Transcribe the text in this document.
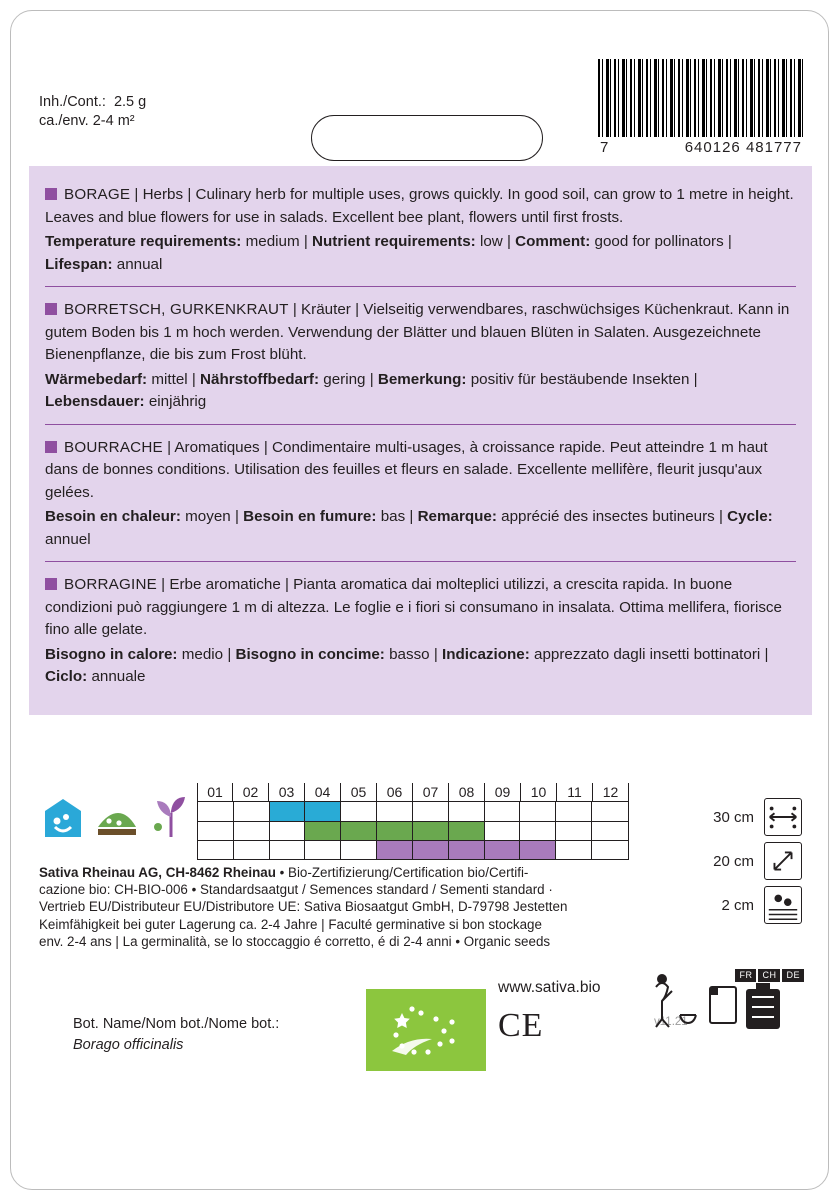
Inh./Cont.:  2.5 g
ca./env. 2-4 m²
7	640126 481777

BORAGE | Herbs | Culinary herb for multiple uses, grows quickly. In good soil, can grow to 1 metre in height. Leaves and blue flowers for use in salads. Excellent bee plant, flowers until first frosts.

Temperature requirements: medium | Nutrient requirements: low | Comment: good for pollinators | Lifespan: annual

BORRETSCH, GURKENKRAUT | Kräuter | Vielseitig verwendbares, raschwüchsiges Küchenkraut. Kann in gutem Boden bis 1 m hoch werden. Verwendung der Blätter und blauen Blüten in Salaten. Ausgezeichnete Bienenpflanze, die bis zum Frost blüht.

Wärmebedarf: mittel | Nährstoffbedarf: gering | Bemerkung: positiv für bestäubende Insekten | Lebensdauer: einjährig

BOURRACHE | Aromatiques | Condimentaire multi-usages, à croissance rapide. Peut atteindre 1 m haut dans de bonnes conditions. Utilisation des feuilles et fleurs en salade. Excellente mellifère, fleurit jusqu'aux gelées.

Besoin en chaleur: moyen | Besoin en fumure: bas | Remarque: apprécié des insectes butineurs | Cycle: annuel

BORRAGINE | Erbe aromatiche | Pianta aromatica dai molteplici utilizzi, a crescita rapida. In buone condizioni può raggiungere 1 m di altezza. Le foglie e i fiori si consumano in insalata. Ottima mellifera, fiorisce fino alle gelate.

Bisogno in calore: medio | Bisogno in concime: basso | Indicazione: apprezzato dagli insetti bottinatori | Ciclo: annuale

01	02	03	04	05	06	07	08	09	10	11	12
30 cm
20 cm
2 cm
Sativa Rheinau AG, CH-8462 Rheinau • Bio-Zertifizierung/Certification bio/Certifi-
cazione bio: CH-BIO-006 • Standardsaatgut / Semences standard / Sementi standard ·
Vertrieb EU/Distributeur EU/Distributore UE: Sativa Biosaatgut GmbH, D-79798 Jestetten
Keimfähigkeit bei guter Lagerung ca. 2-4 Jahre | Faculté germinative si bon stockage
env. 2-4 ans | La germinalità, se lo stoccaggio é corretto, é di 2-4 anni • Organic seeds
Bot. Name/Nom bot./Nome bot.:
Borago officinalis
www.sativa.bio
CE	v11.21
FR	CH	DE
